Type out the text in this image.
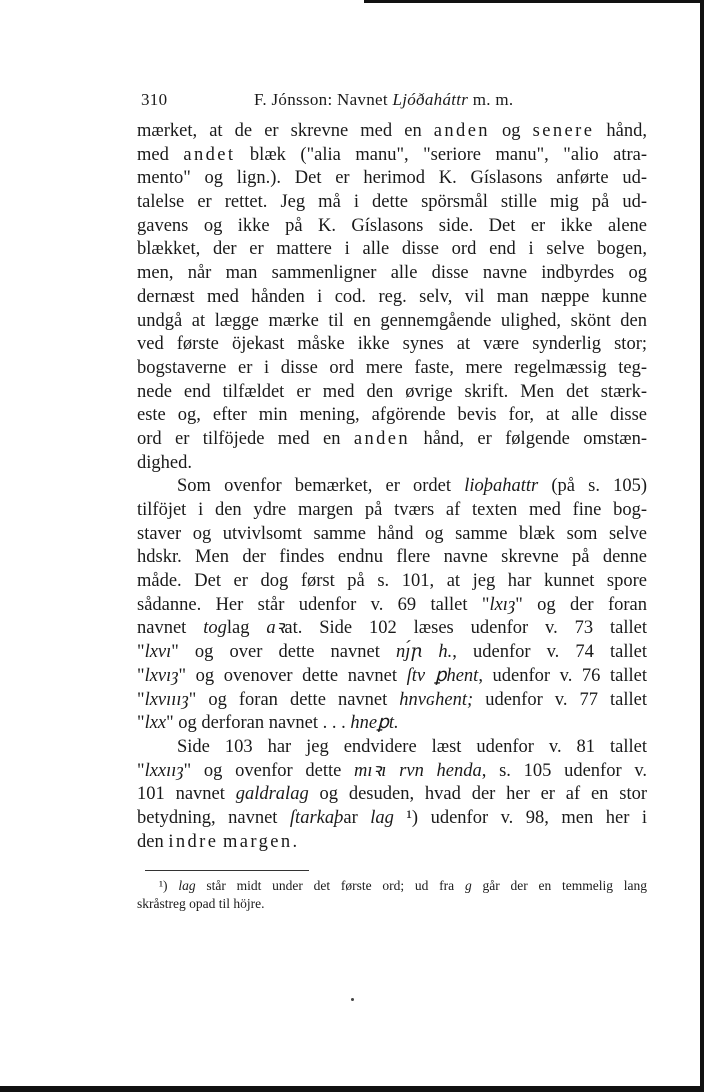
310	F. Jónsson: Navnet Ljóðaháttr m. m.
mærket, at de er skrevne med en anden og senere hånd,
med andet blæk ("alia manu", "seriore manu", "alio atra-
mento" og lign.). Det er herimod K. Gíslasons anførte ud-
talelse er rettet. Jeg må i dette spörsmål stille mig på ud-
gavens og ikke på K. Gíslasons side. Det er ikke alene
blækket, der er mattere i alle disse ord end i selve bogen,
men, når man sammenligner alle disse navne indbyrdes og
dernæst med hånden i cod. reg. selv, vil man næppe kunne
undgå at lægge mærke til en gennemgående ulighed, skönt den
ved første öjekast måske ikke synes at være synderlig stor;
bogstaverne er i disse ord mere faste, mere regelmæssig teg-
nede end tilfældet er med den øvrige skrift. Men det stærk-
este og, efter min mening, afgörende bevis for, at alle disse
ord er tilföjede med en anden hånd, er følgende omstæn-
dighed.
Som ovenfor bemærket, er ordet lioþahattr (på s. 105)
tilföjet i den ydre margen på tværs af texten med fine bog-
staver og utvivlsomt samme hånd og samme blæk som selve
hdskr. Men der findes endnu flere navne skrevne på denne
måde. Det er dog først på s. 101, at jeg har kunnet spore
sådanne. Her står udenfor v. 69 tallet "lxıȝ" og der foran
navnet toglag aꝛat. Side 102 læses udenfor v. 73 tallet
"lxvı" og over dette navnet nȷ́ꞃ h., udenfor v. 74 tallet
"lxvıȝ" og ovenover dette navnet ſtv ꝑhent, udenfor v. 76 tallet
"lxvıııȝ" og foran dette navnet hnvɢhent; udenfor v. 77 tallet
"lxx" og derforan navnet . . . hneꝑt.
Side 103 har jeg endvidere læst udenfor v. 81 tallet
"lxxııȝ" og ovenfor dette mıꝛı rvn henda, s. 105 udenfor v.
101 navnet galdralag og desuden, hvad der her er af en stor
betydning, navnet ſtarkaþar lag ¹) udenfor v. 98, men her i
den indre margen.
¹) lag står midt under det første ord; ud fra g går der en temmelig lang
skråstreg opad til höjre.
